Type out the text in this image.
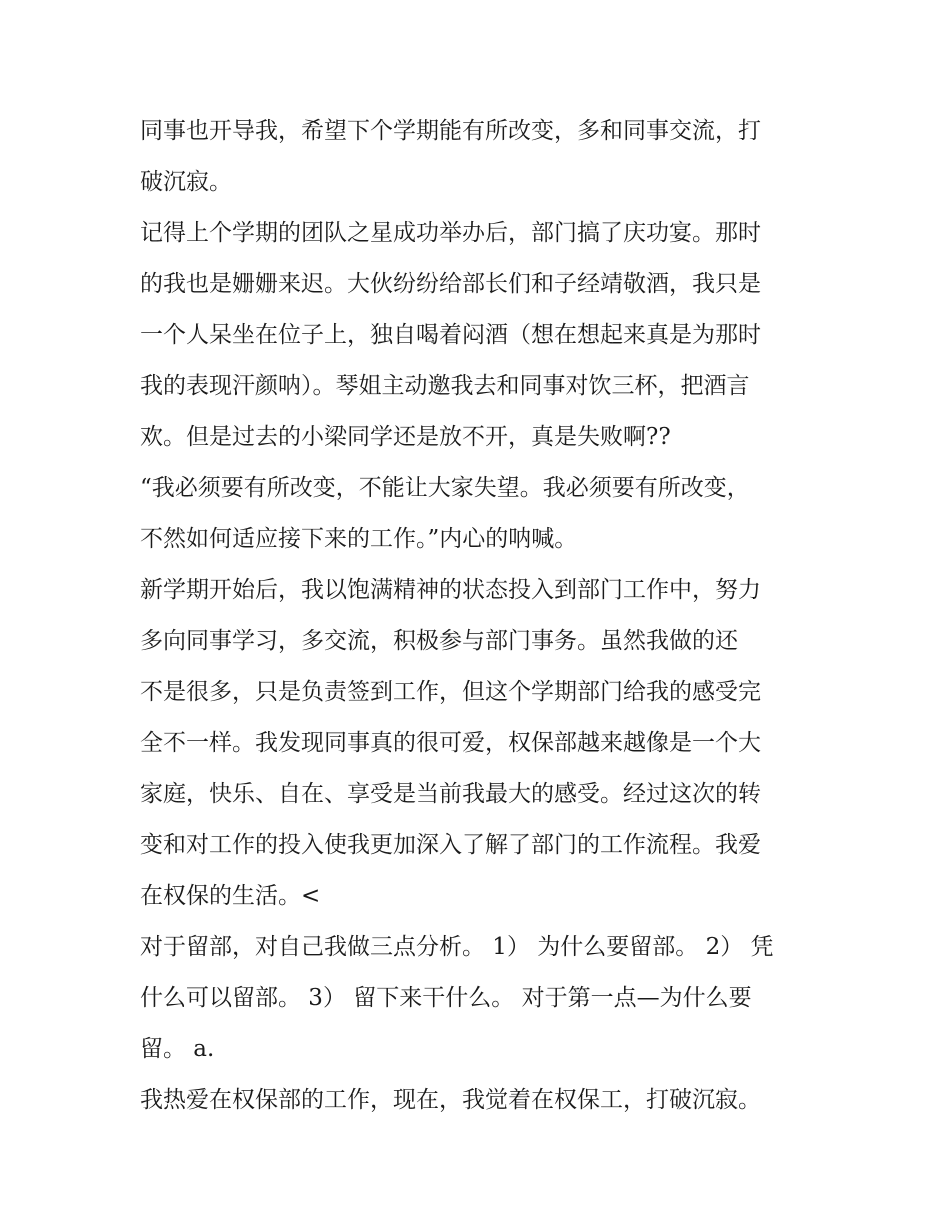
同事也开导我，希望下个学期能有所改变，多和同事交流，打
破沉寂。
记得上个学期的团队之星成功举办后，部门搞了庆功宴。那时
的我也是姗姗来迟。大伙纷纷给部长们和子经靖敬酒，我只是
一个人呆坐在位子上，独自喝着闷酒（想在想起来真是为那时
我的表现汗颜呐）。琴姐主动邀我去和同事对饮三杯，把酒言
欢。但是过去的小梁同学还是放不开，真是失败啊??
“我必须要有所改变，不能让大家失望。我必须要有所改变，
不然如何适应接下来的工作。”内心的呐喊。
新学期开始后，我以饱满精神的状态投入到部门工作中，努力
多向同事学习，多交流，积极参与部门事务。虽然我做的还
不是很多，只是负责签到工作，但这个学期部门给我的感受完
全不一样。我发现同事真的很可爱，权保部越来越像是一个大
家庭，快乐、自在、享受是当前我最大的感受。经过这次的转
变和对工作的投入使我更加深入了解了部门的工作流程。我爱
在权保的生活。<
对于留部，对自己我做三点分析。 1） 为什么要留部。 2） 凭
什么可以留部。 3） 留下来干什么。 对于第一点—为什么要
留。 a.
我热爱在权保部的工作，现在，我觉着在权保工，打破沉寂。
